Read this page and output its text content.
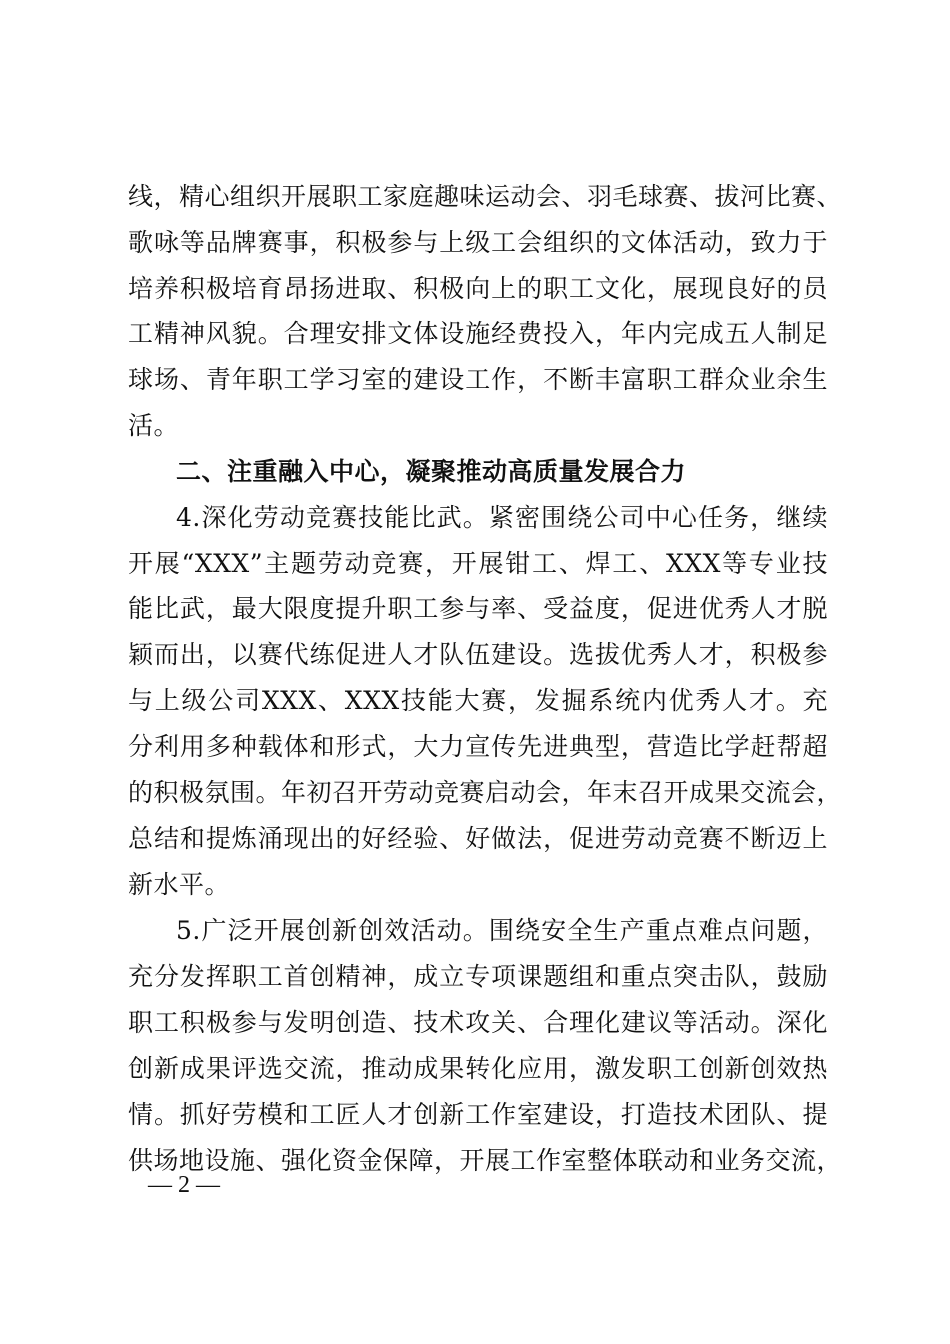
线，精心组织开展职工家庭趣味运动会、羽毛球赛、拔河比赛、
歌咏等品牌赛事，积极参与上级工会组织的文体活动，致力于
培养积极培育昂扬进取、积极向上的职工文化，展现良好的员
工精神风貌。合理安排文体设施经费投入，年内完成五人制足
球场、青年职工学习室的建设工作，不断丰富职工群众业余生
活。
二、注重融入中心，凝聚推动高质量发展合力
4.深化劳动竞赛技能比武。紧密围绕公司中心任务，继续
开展“XXX”主题劳动竞赛，开展钳工、焊工、XXX等专业技
能比武，最大限度提升职工参与率、受益度，促进优秀人才脱
颖而出，以赛代练促进人才队伍建设。选拔优秀人才，积极参
与上级公司XXX、XXX技能大赛，发掘系统内优秀人才。充
分利用多种载体和形式，大力宣传先进典型，营造比学赶帮超
的积极氛围。年初召开劳动竞赛启动会，年末召开成果交流会，
总结和提炼涌现出的好经验、好做法，促进劳动竞赛不断迈上
新水平。
5.广泛开展创新创效活动。围绕安全生产重点难点问题，
充分发挥职工首创精神，成立专项课题组和重点突击队，鼓励
职工积极参与发明创造、技术攻关、合理化建议等活动。深化
创新成果评选交流，推动成果转化应用，激发职工创新创效热
情。抓好劳模和工匠人才创新工作室建设，打造技术团队、提
供场地设施、强化资金保障，开展工作室整体联动和业务交流，
— 2 —
